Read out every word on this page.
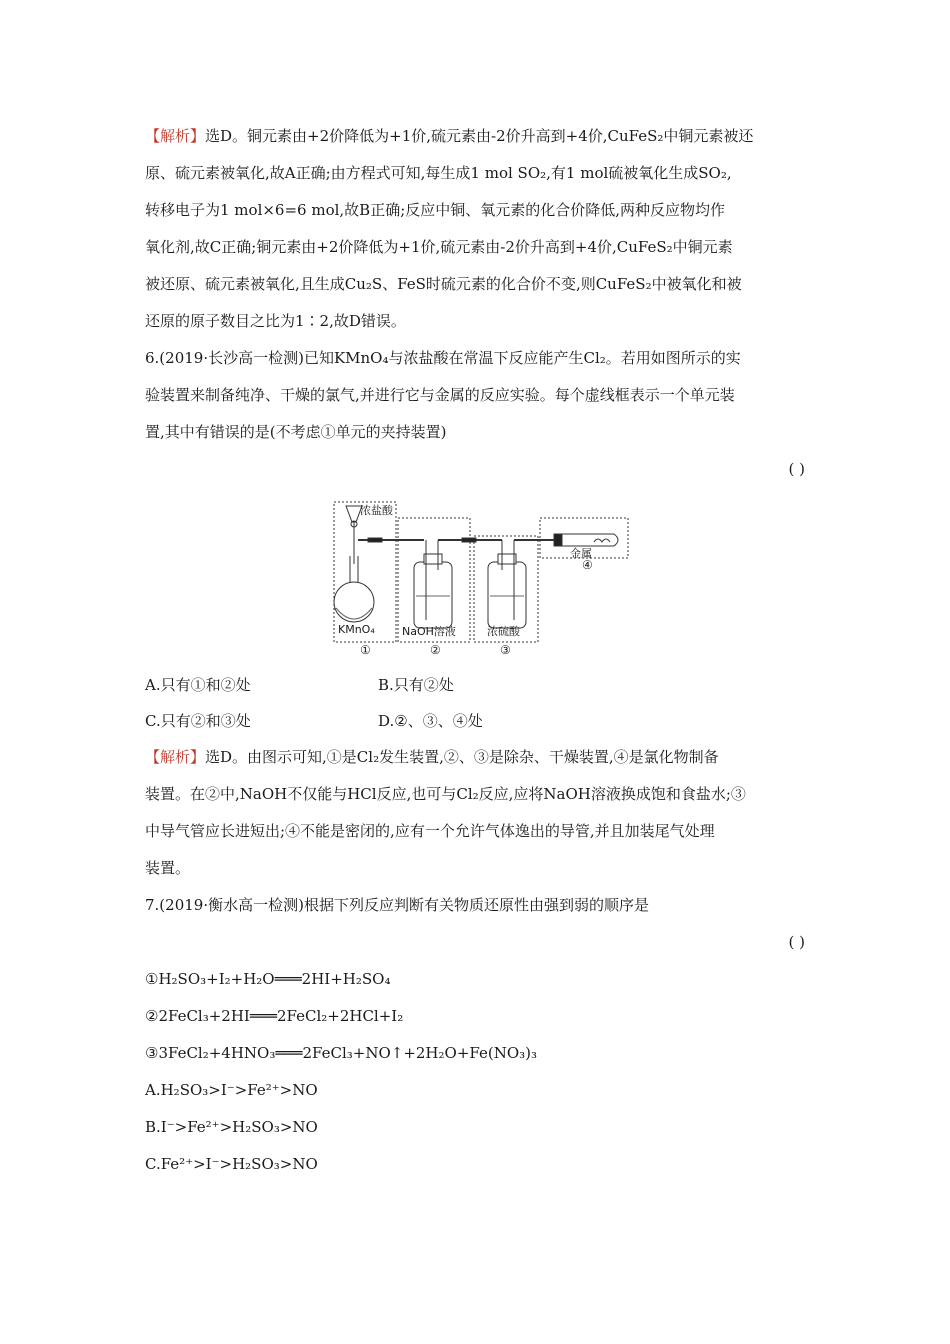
【解析】选D。铜元素由+2价降低为+1价,硫元素由-2价升高到+4价,CuFeS₂中铜元素被还
原、硫元素被氧化,故A正确;由方程式可知,每生成1 mol SO₂,有1 mol硫被氧化生成SO₂,
转移电子为1 mol×6=6 mol,故B正确;反应中铜、氧元素的化合价降低,两种反应物均作
氧化剂,故C正确;铜元素由+2价降低为+1价,硫元素由-2价升高到+4价,CuFeS₂中铜元素
被还原、硫元素被氧化,且生成Cu₂S、FeS时硫元素的化合价不变,则CuFeS₂中被氧化和被
还原的原子数目之比为1∶2,故D错误。
6.(2019·长沙高一检测)已知KMnO₄与浓盐酸在常温下反应能产生Cl₂。若用如图所示的实
验装置来制备纯净、干燥的氯气,并进行它与金属的反应实验。每个虚线框表示一个单元装
置,其中有错误的是(不考虑①单元的夹持装置)
( )
浓盐酸
KMnO₄ NaOH溶液	浓硫酸
金属
①	②	③
④
A.只有①和②处	B.只有②处
C.只有②和③处	D.②、③、④处
【解析】选D。由图示可知,①是Cl₂发生装置,②、③是除杂、干燥装置,④是氯化物制备
装置。在②中,NaOH不仅能与HCl反应,也可与Cl₂反应,应将NaOH溶液换成饱和食盐水;③
中导气管应长进短出;④不能是密闭的,应有一个允许气体逸出的导管,并且加装尾气处理
装置。
7.(2019·衡水高一检测)根据下列反应判断有关物质还原性由强到弱的顺序是
( )
①H₂SO₃+I₂+H₂O═══2HI+H₂SO₄
②2FeCl₃+2HI═══2FeCl₂+2HCl+I₂
③3FeCl₂+4HNO₃═══2FeCl₃+NO↑+2H₂O+Fe(NO₃)₃
A.H₂SO₃>I⁻>Fe²⁺>NO
B.I⁻>Fe²⁺>H₂SO₃>NO
C.Fe²⁺>I⁻>H₂SO₃>NO
